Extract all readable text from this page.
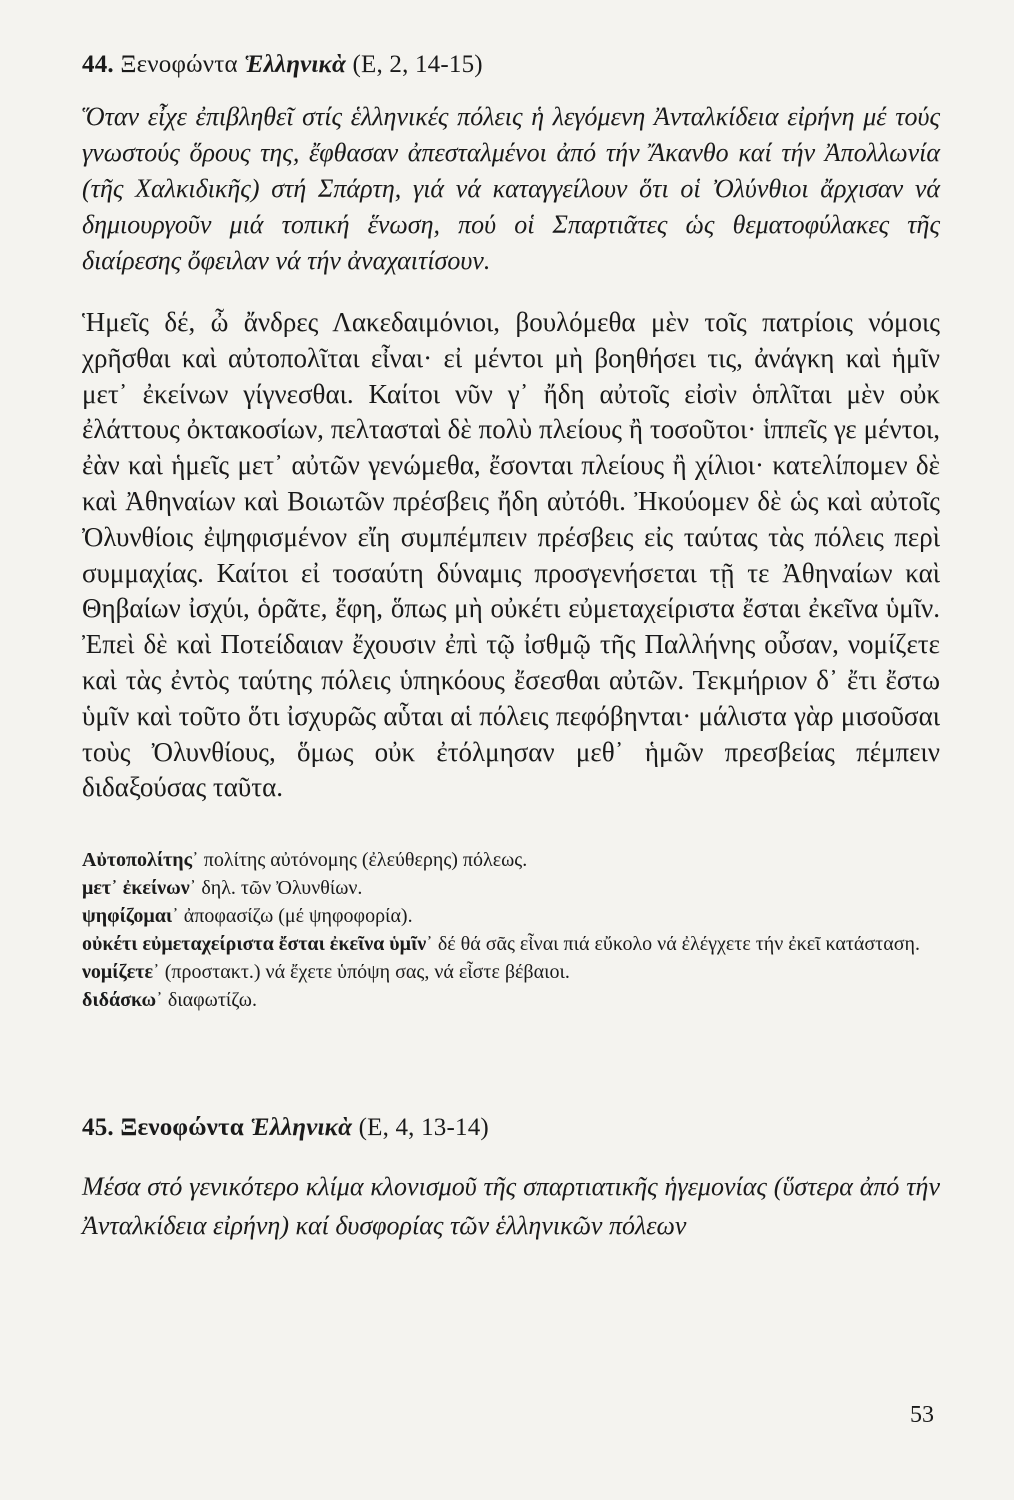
44. Ξενοφώντα Ἑλληνικὰ (Ε, 2, 14-15)

Ὅταν εἶχε ἐπιβληθεῖ στίς ἑλληνικές πόλεις ἡ λεγόμενη Ἀνταλκίδεια εἰρήνη μέ τούς γνωστούς ὅρους της, ἔφθασαν ἀπεσταλμένοι ἀπό τήν Ἄκανθο καί τήν Ἀπολλωνία (τῆς Χαλκιδικῆς) στή Σπάρτη, γιά νά καταγγείλουν ὅτι οἱ Ὀλύνθιοι ἄρχισαν νά δημιουργοῦν μιά τοπική ἕνωση, πού οἱ Σπαρτιᾶτες ὡς θεματοφύλακες τῆς διαίρεσης ὄφειλαν νά τήν ἀναχαιτίσουν.

Ἡμεῖς δέ, ὦ ἄνδρες Λακεδαιμόνιοι, βουλόμεθα μὲν τοῖς πατρίοις νόμοις χρῆσθαι καὶ αὐτοπολῖται εἶναι· εἰ μέντοι μὴ βοηθήσει τις, ἀνάγκη καὶ ἡμῖν μετ᾽ ἐκείνων γίγνεσθαι. Καίτοι νῦν γ᾽ ἤδη αὐτοῖς εἰσὶν ὁπλῖται μὲν οὐκ ἐλάττους ὀκτακοσίων, πελτασταὶ δὲ πολὺ πλείους ἢ τοσοῦτοι· ἱππεῖς γε μέντοι, ἐὰν καὶ ἡμεῖς μετ᾽ αὐτῶν γενώμεθα, ἔσονται πλείους ἢ χίλιοι· κατελίπομεν δὲ καὶ Ἀθηναίων καὶ Βοιωτῶν πρέσβεις ἤδη αὐτόθι. Ἠκούομεν δὲ ὡς καὶ αὐτοῖς Ὀλυνθίοις ἐψηφισμένον εἴη συμπέμπειν πρέσβεις εἰς ταύτας τὰς πόλεις περὶ συμμαχίας. Καίτοι εἰ τοσαύτη δύναμις προσγενήσεται τῇ τε Ἀθηναίων καὶ Θηβαίων ἰσχύι, ὁρᾶτε, ἔφη, ὅπως μὴ οὐκέτι εὐμεταχείριστα ἔσται ἐκεῖνα ὑμῖν. Ἐπεὶ δὲ καὶ Ποτείδαιαν ἔχουσιν ἐπὶ τῷ ἰσθμῷ τῆς Παλλήνης οὖσαν, νομίζετε καὶ τὰς ἐντὸς ταύτης πόλεις ὑπηκόους ἔσεσθαι αὐτῶν. Τεκμήριον δ᾽ ἔτι ἔστω ὑμῖν καὶ τοῦτο ὅτι ἰσχυρῶς αὗται αἱ πόλεις πεφόβηνται· μάλιστα γὰρ μισοῦσαι τοὺς Ὀλυνθίους, ὅμως οὐκ ἐτόλμησαν μεθ᾽ ἡμῶν πρεσβείας πέμπειν διδαξούσας ταῦτα.

Αὐτοπολίτης᾽ πολίτης αὐτόνομης (ἐλεύθερης) πόλεως.

μετ᾽ ἐκείνων᾽ δηλ. τῶν Ὀλυνθίων.

ψηφίζομαι᾽ ἀποφασίζω (μέ ψηφοφορία).

οὐκέτι εὐμεταχείριστα ἔσται ἐκεῖνα ὑμῖν᾽ δέ θά σᾶς εἶναι πιά εὔκολο νά ἐλέγχετε τήν ἐκεῖ κατάσταση.

νομίζετε᾽ (προστακτ.) νά ἔχετε ὑπόψη σας, νά εἶστε βέβαιοι.

διδάσκω᾽ διαφωτίζω.

45. Ξενοφώντα Ἑλληνικὰ (Ε, 4, 13-14)

Μέσα στό γενικότερο κλίμα κλονισμοῦ τῆς σπαρτιατικῆς ἡγεμονίας (ὕστερα ἀπό τήν Ἀνταλκίδεια εἰρήνη) καί δυσφορίας τῶν ἑλληνικῶν πόλεων

53
